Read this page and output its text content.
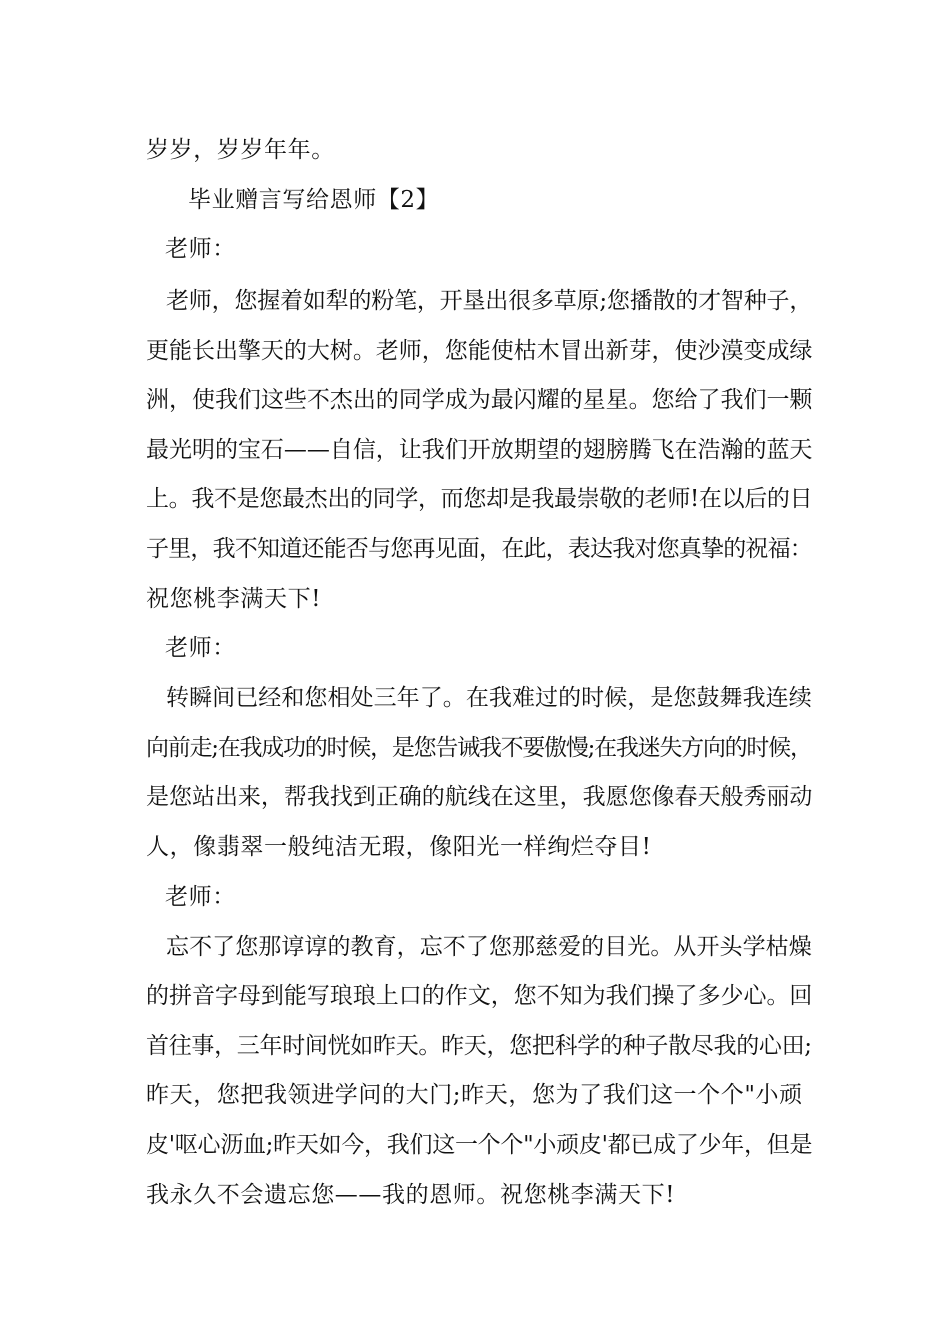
岁岁，岁岁年年。
毕业赠言写给恩师【2】
老师：
老师，您握着如犁的粉笔，开垦出很多草原;您播散的才智种子，
更能长出擎天的大树。老师，您能使枯木冒出新芽，使沙漠变成绿
洲，使我们这些不杰出的同学成为最闪耀的星星。您给了我们一颗
最光明的宝石——自信，让我们开放期望的翅膀腾飞在浩瀚的蓝天
上。我不是您最杰出的同学，而您却是我最崇敬的老师!在以后的日
子里，我不知道还能否与您再见面，在此，表达我对您真挚的祝福：
祝您桃李满天下!
老师：
转瞬间已经和您相处三年了。在我难过的时候，是您鼓舞我连续
向前走;在我成功的时候，是您告诫我不要傲慢;在我迷失方向的时候，
是您站出来，帮我找到正确的航线在这里，我愿您像春天般秀丽动
人，像翡翠一般纯洁无瑕，像阳光一样绚烂夺目!
老师：
忘不了您那谆谆的教育，忘不了您那慈爱的目光。从开头学枯燥
的拼音字母到能写琅琅上口的作文，您不知为我们操了多少心。回
首往事，三年时间恍如昨天。昨天，您把科学的种子散尽我的心田;
昨天，您把我领进学问的大门;昨天，您为了我们这一个个"小顽
皮'呕心沥血;昨天如今，我们这一个个"小顽皮'都已成了少年，但是
我永久不会遗忘您——我的恩师。祝您桃李满天下!
